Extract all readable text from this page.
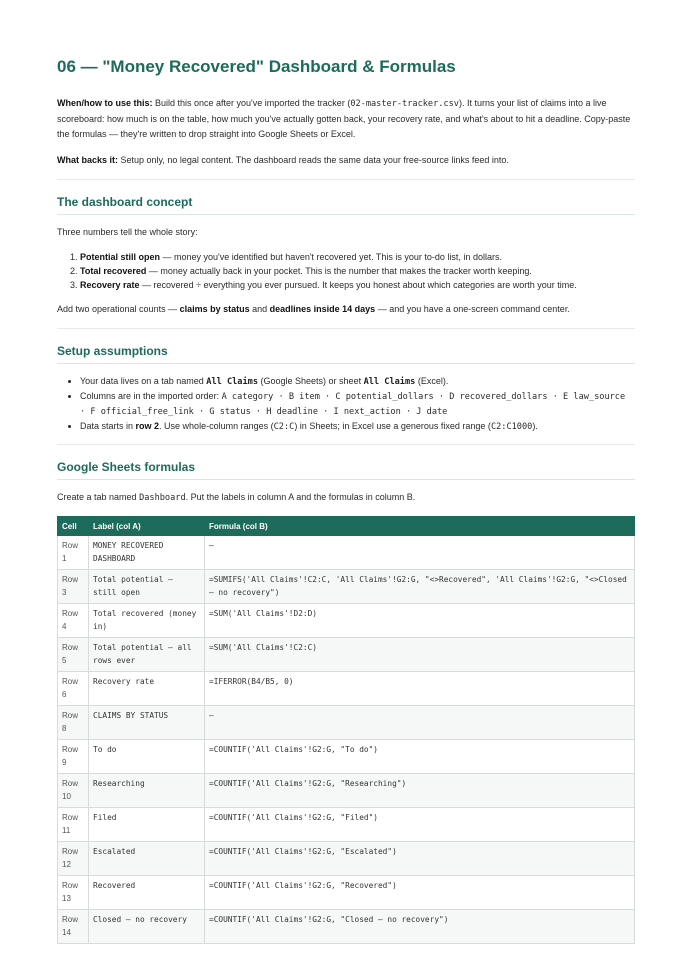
06 — "Money Recovered" Dashboard & Formulas

When/how to use this: Build this once after you've imported the tracker (02-master-tracker.csv). It turns your list of claims into a live scoreboard: how much is on the table, how much you've actually gotten back, your recovery rate, and what's about to hit a deadline. Copy-paste the formulas — they're written to drop straight into Google Sheets or Excel.

What backs it: Setup only, no legal content. The dashboard reads the same data your free-source links feed into.

The dashboard concept

Three numbers tell the whole story:

1. Potential still open — money you've identified but haven't recovered yet. This is your to-do list, in dollars.
2. Total recovered — money actually back in your pocket. This is the number that makes the tracker worth keeping.
3. Recovery rate — recovered ÷ everything you ever pursued. It keeps you honest about which categories are worth your time.

Add two operational counts — claims by status and deadlines inside 14 days — and you have a one-screen command center.

Setup assumptions
• Your data lives on a tab named All Claims (Google Sheets) or sheet All Claims (Excel).
• Columns are in the imported order: A category · B item · C potential_dollars · D recovered_dollars · E law_source · F official_free_link · G status · H deadline · I next_action · J date
• Data starts in row 2. Use whole-column ranges (C2:C) in Sheets; in Excel use a generous fixed range (C2:C1000).
Google Sheets formulas

Create a tab named Dashboard. Put the labels in column A and the formulas in column B.

Cell	Label (col A)	Formula (col B)
Row 1	MONEY RECOVERED DASHBOARD	—
Row 3	Total potential — still open	=SUMIFS('All Claims'!C2:C, 'All Claims'!G2:G, "<>Recovered", 'All Claims'!G2:G, "<>Closed — no recovery")
Row 4	Total recovered (money in)	=SUM('All Claims'!D2:D)
Row 5	Total potential — all rows ever	=SUM('All Claims'!C2:C)
Row 6	Recovery rate	=IFERROR(B4/B5, 0)
Row 8	CLAIMS BY STATUS	—
Row 9	To do	=COUNTIF('All Claims'!G2:G, "To do")
Row 10	Researching	=COUNTIF('All Claims'!G2:G, "Researching")
Row 11	Filed	=COUNTIF('All Claims'!G2:G, "Filed")
Row 12	Escalated	=COUNTIF('All Claims'!G2:G, "Escalated")
Row 13	Recovered	=COUNTIF('All Claims'!G2:G, "Recovered")
Row 14	Closed — no recovery	=COUNTIF('All Claims'!G2:G, "Closed — no recovery")
